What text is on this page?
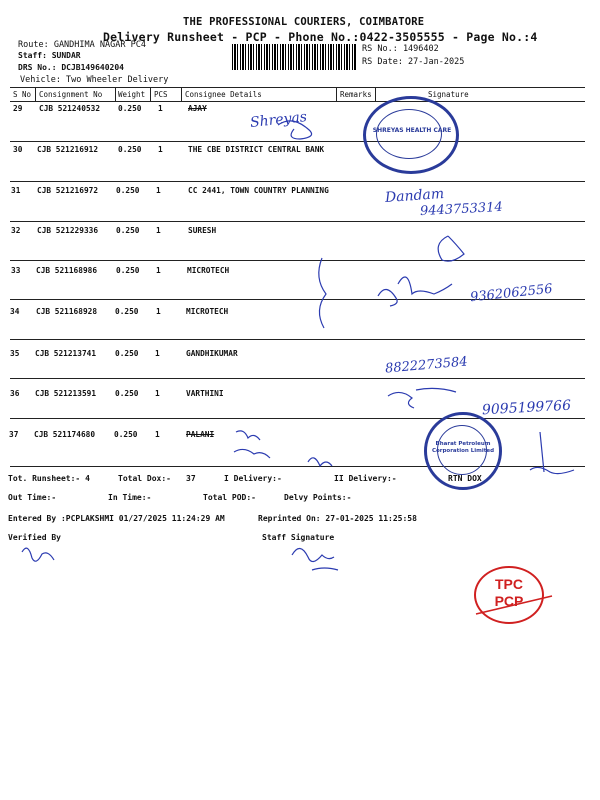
THE PROFESSIONAL COURIERS, COIMBATORE
Delivery Runsheet - PCP - Phone No.:0422-3505555 - Page No.:4
Route: GANDHIMA NAGAR PC4
Staff: SUNDAR
DRS No.: DCJB149640204
Vehicle: Two Wheeler Delivery
RS No.: 1496402
RS Date: 27-Jan-2025
S No Consignment No Weight PCS Consignee Details	Remarks	Signature
29 CJB 521240532 0.250 1	AJAY
30 CJB 521216912	0.250 1	THE CBE DISTRICT CENTRAL BANK
31 CJB 521216972 0.250 1	CC 2441, TOWN COUNTRY PLANNING
32 CJB 521229336 0.250 1	SURESH
33 CJB 521168986 0.250 1	MICROTECH
34 CJB 521168928 0.250 1	MICROTECH
35 CJB 521213741 0.250 1	GANDHIKUMAR
36 CJB 521213591 0.250 1	VARTHINI
37 CJB 521174680 0.250 1	PALANI
Shreyas
Dandam
9443753314
9362062556
8822273584
9095199766
SHREYAS HEALTH CARE
Bharat Petroleum Corporation Limited
TPC
PCP
Tot. Runsheet:- 4	Total Dox:- 37	I Delivery:-	II Delivery:-	RTN DOX
Out Time:-	In Time:-	Total POD:-	Delvy Points:-
Entered By :PCPLAKSHMI 01/27/2025 11:24:29 AM	Reprinted On: 27-01-2025 11:25:58
Verified By	Staff Signature
